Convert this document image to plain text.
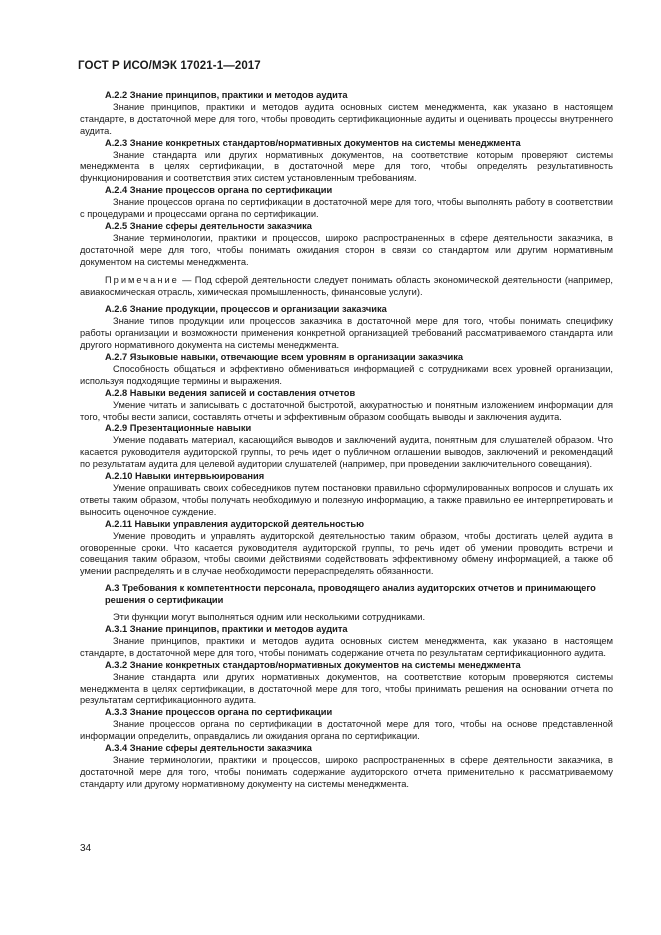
ГОСТ Р ИСО/МЭК 17021-1—2017

A.2.2 Знание принципов, практики и методов аудита

Знание принципов, практики и методов аудита основных систем менеджмента, как указано в настоящем стандарте, в достаточной мере для того, чтобы проводить сертификационные аудиты и оценивать процессы внутреннего аудита.

A.2.3 Знание конкретных стандартов/нормативных документов на системы менеджмента

Знание стандарта или других нормативных документов, на соответствие которым проверяют системы менеджмента в целях сертификации, в достаточной мере для того, чтобы определять результативность функционирования и соответствия этих систем установленным требованиям.

A.2.4 Знание процессов органа по сертификации

Знание процессов органа по сертификации в достаточной мере для того, чтобы выполнять работу в соответствии с процедурами и процессами органа по сертификации.

A.2.5 Знание сферы деятельности заказчика

Знание терминологии, практики и процессов, широко распространенных в сфере деятельности заказчика, в достаточной мере для того, чтобы понимать ожидания сторон в связи со стандартом или другим нормативным документом на системы менеджмента.

Примечание — Под сферой деятельности следует понимать область экономической деятельности (например, авиакосмическая отрасль, химическая промышленность, финансовые услуги).

A.2.6 Знание продукции, процессов и организации заказчика

Знание типов продукции или процессов заказчика в достаточной мере для того, чтобы понимать специфику работы организации и возможности применения конкретной организацией требований рассматриваемого стандарта или другого нормативного документа на системы менеджмента.

A.2.7 Языковые навыки, отвечающие всем уровням в организации заказчика

Способность общаться и эффективно обмениваться информацией с сотрудниками всех уровней организации, используя подходящие термины и выражения.

A.2.8 Навыки ведения записей и составления отчетов

Умение читать и записывать с достаточной быстротой, аккуратностью и понятным изложением информации для того, чтобы вести записи, составлять отчеты и эффективным образом сообщать выводы и заключения аудита.

A.2.9 Презентационные навыки

Умение подавать материал, касающийся выводов и заключений аудита, понятным для слушателей образом. Что касается руководителя аудиторской группы, то речь идет о публичном оглашении выводов, заключений и рекомендаций по результатам аудита для целевой аудитории слушателей (например, при проведении заключительного совещания).

A.2.10 Навыки интервьюирования

Умение опрашивать своих собеседников путем постановки правильно сформулированных вопросов и слушать их ответы таким образом, чтобы получать необходимую и полезную информацию, а также правильно ее интерпретировать и выносить оценочное суждение.

A.2.11 Навыки управления аудиторской деятельностью

Умение проводить и управлять аудиторской деятельностью таким образом, чтобы достигать целей аудита в оговоренные сроки. Что касается руководителя аудиторской группы, то речь идет об умении проводить встречи и совещания таким образом, чтобы своими действиями содействовать эффективному обмену информацией, а также об умении распределять и в случае необходимости перераспределять обязанности.

A.3 Требования к компетентности персонала, проводящего анализ аудиторских отчетов и принимающего решения о сертификации

Эти функции могут выполняться одним или несколькими сотрудниками.

A.3.1 Знание принципов, практики и методов аудита

Знание принципов, практики и методов аудита основных систем менеджмента, как указано в настоящем стандарте, в достаточной мере для того, чтобы понимать содержание отчета по результатам сертификационного аудита.

A.3.2 Знание конкретных стандартов/нормативных документов на системы менеджмента

Знание стандарта или других нормативных документов, на соответствие которым проверяются системы менеджмента в целях сертификации, в достаточной мере для того, чтобы принимать решения на основании отчета по результатам сертификационного аудита.

A.3.3 Знание процессов органа по сертификации

Знание процессов органа по сертификации в достаточной мере для того, чтобы на основе представленной информации определить, оправдались ли ожидания органа по сертификации.

A.3.4 Знание сферы деятельности заказчика

Знание терминологии, практики и процессов, широко распространенных в сфере деятельности заказчика, в достаточной мере для того, чтобы понимать содержание аудиторского отчета применительно к рассматриваемому стандарту или другому нормативному документу на системы менеджмента.

34
